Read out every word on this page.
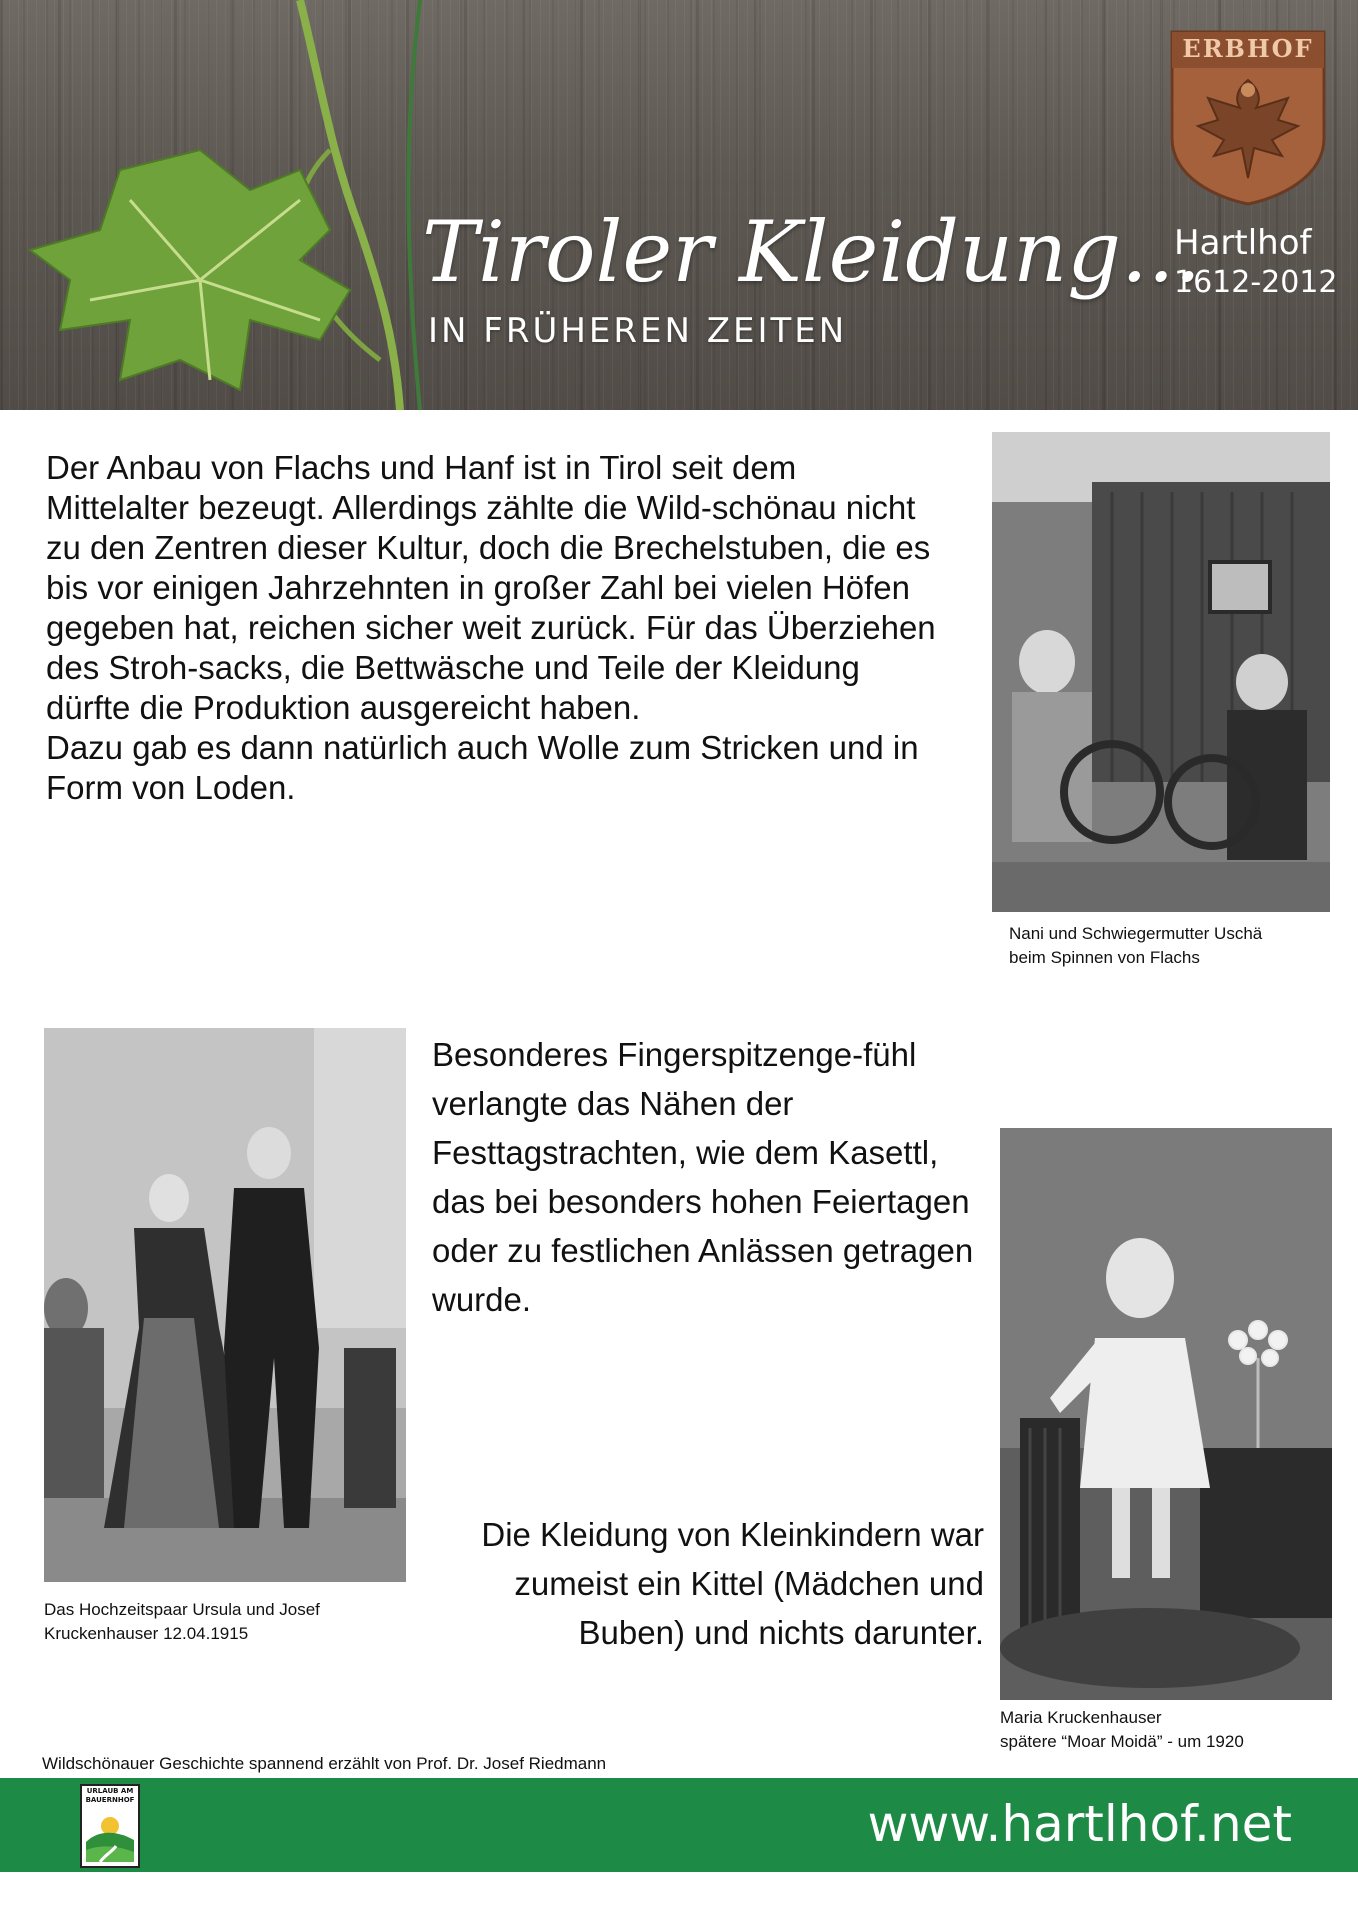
Tiroler Kleidung...
IN FRÜHEREN ZEITEN
Hartlhof
1612-2012
ERBHOF
Der Anbau von Flachs und Hanf ist in Tirol seit dem Mittelalter bezeugt. Allerdings zählte die Wild-schönau nicht zu den Zentren dieser Kultur, doch die Brechelstuben, die es bis vor einigen Jahrzehnten in großer Zahl bei vielen Höfen gegeben hat, reichen sicher weit zurück. Für das Überziehen des Stroh-sacks, die Bettwäsche und Teile der Kleidung dürfte die Produktion ausgereicht haben.
Dazu gab es dann natürlich auch Wolle zum Stricken und in Form von Loden.
Nani und Schwiegermutter Uschä
beim Spinnen von Flachs
Das Hochzeitspaar Ursula und Josef
Kruckenhauser 12.04.1915
Besonderes Fingerspitzenge-fühl verlangte das Nähen der Festtagstrachten, wie dem Kasettl, das bei besonders hohen Feiertagen oder zu festlichen Anlässen getragen wurde.
Die Kleidung von Kleinkindern war zumeist ein Kittel (Mädchen und Buben) und nichts darunter.
Maria Kruckenhauser
spätere “Moar Moidä” - um 1920
Wildschönauer Geschichte spannend erzählt von Prof. Dr. Josef Riedmann
www.hartlhof.net
URLAUB AM
BAUERNHOF
